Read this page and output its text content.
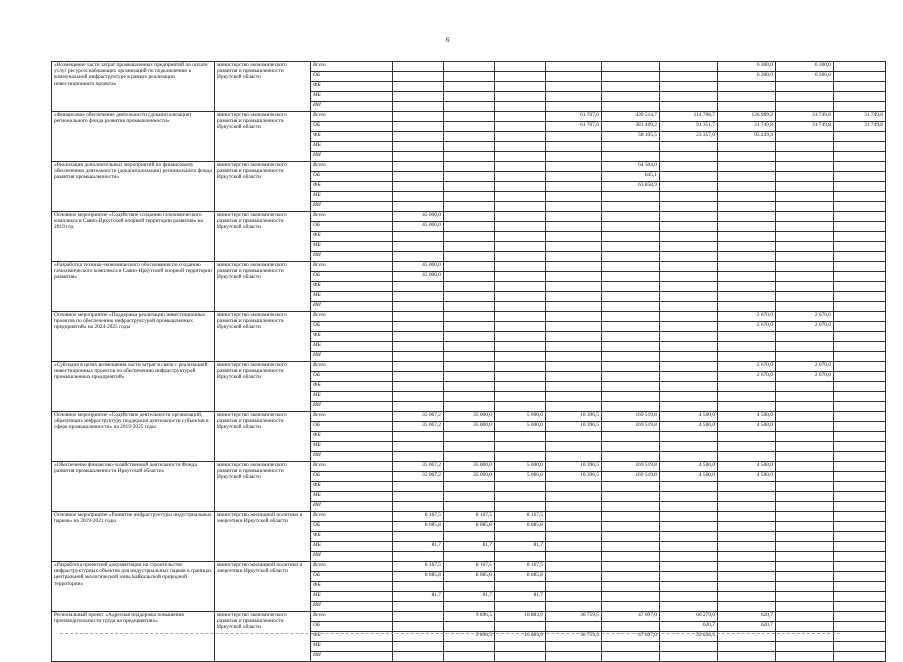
6
«Возмещение части затрат промышленных предприятий по оплате услуг ресурсоснабжающих организаций по подключению к коммунальной инфраструктуре в рамках реализации инвестиционного проекта»	министерство экономического развития и промышленности Иркутской области	Всего							6 300,0	6 300,0	
		ОБ							6 300,0	6 300,0	
		ФБ									
		МБ									
		ИИ									
«Финансовое обеспечение деятельности (докапитализация) регионального фонда развития промышленности»	министерство экономического развития и промышленности Иркутской области	Всего				61 767,6	439 514,7	114 708,7	126 999,2	31 749,8	31 749,8
		ОБ				61 767,6	381 409,2	91 351,7	31 749,8	31 749,8	31 749,8
		ФБ					58 105,5	23 357,0	95 249,4		
		МБ									
		ИИ									
«Реализация дополнительных мероприятий по финансовому обеспечению деятельности (докапитализации) регионального фонда развития промышленности»	министерство экономического развития и промышленности Иркутской области	Всего					64 504,0				
		ОБ					645,1				
		ФБ					63 858,9				
		МБ									
		ИИ									
Основное мероприятие «Содействие созданию газохимического комплекса в Саяно-Иркутской опорной территории развития» на 2019 год	министерство экономического развития и промышленности Иркутской области	Всего	45 000,0								
		ОБ	45 000,0								
		ФБ									
		МБ									
		ИИ									
«Разработка технико-экономического обоснования по созданию газохимического комплекса в Саяно-Иркутской опорной территории развития»	министерство экономического развития и промышленности Иркутской области	Всего	45 000,0								
		ОБ	45 000,0								
		ФБ									
		МБ									
		ИИ									
Основное мероприятие «Поддержка реализации инвестиционных проектов по обеспечению инфраструктурой промышленных предприятий» на 2024-2025 годы	министерство экономического развития и промышленности Иркутской области	Всего							2 670,0	2 670,0	
		ОБ							2 670,0	2 670,0	
		ФБ									
		МБ									
		ИИ									
«Субсидия в целях возмещения части затрат в связи с реализацией инвестиционных проектов по обеспечению инфраструктурой промышленных предприятий»	министерство экономического развития и промышленности Иркутской области	Всего							2 670,0	2 670,0	
		ОБ							2 670,0	2 670,0	
		ФБ									
		МБ									
		ИИ									
Основное мероприятие «Содействие деятельности организаций, образующих инфраструктуру поддержки деятельности субъектов в сфере промышленности» на 2019-2025 годы	министерство экономического развития и промышленности Иркутской области	Всего	35 067,2	35 000,0	5 000,0	10 396,5	169 519,8	4 500,0	4 500,0		
		ОБ	35 067,2	35 000,0	5 000,0	10 396,5	169 519,8	4 500,0	4 500,0		
		ФБ									
		МБ									
		ИИ									
«Обеспечение финансово-хозяйственной деятельности Фонда развития промышленности Иркутской области»	министерство экономического развития и промышленности Иркутской области	Всего	35 067,2	35 000,0	5 000,0	10 396,5	169 519,8	4 500,0	4 500,0		
		ОБ	35 067,2	35 000,0	5 000,0	10 396,5	169 519,8	4 500,0	4 500,0		
		ФБ									
		МБ									
		ИИ									
Основное мероприятие «Развитие инфраструктуры индустриальных парков» на 2019-2021 годы	министерство жилищной политики и энергетики Иркутской области	Всего	8 167,5	8 167,5	8 167,5						
		ОБ	8 085,8	8 085,8	8 085,8						
		ФБ									
		МБ	81,7	81,7	81,7						
		ИИ									
«Разработка проектной документации на строительство инфраструктурных объектов для индустриальных парков в границах центральной экологической зоны Байкальской природной территории»	министерство жилищной политики и энергетики Иркутской области	Всего	8 167,5	8 167,5	8 167,5						
		ОБ	8 085,8	8 085,8	8 085,8						
		ФБ									
		МБ	81,7	81,7	81,7						
		ИИ									
Региональный проект «Адресная поддержка повышения производительности труда на предприятиях»	министерство экономического развития и промышленности Иркутской области	Всего		9 896,5	16 883,9	36 759,5	47 097,0	60 279,0	620,7		
		ОБ						620,7	620,7		
		ФБ		9 896,5	16 883,9	36 759,5	47 097,0	59 658,3			
		МБ									
		ИИ									
